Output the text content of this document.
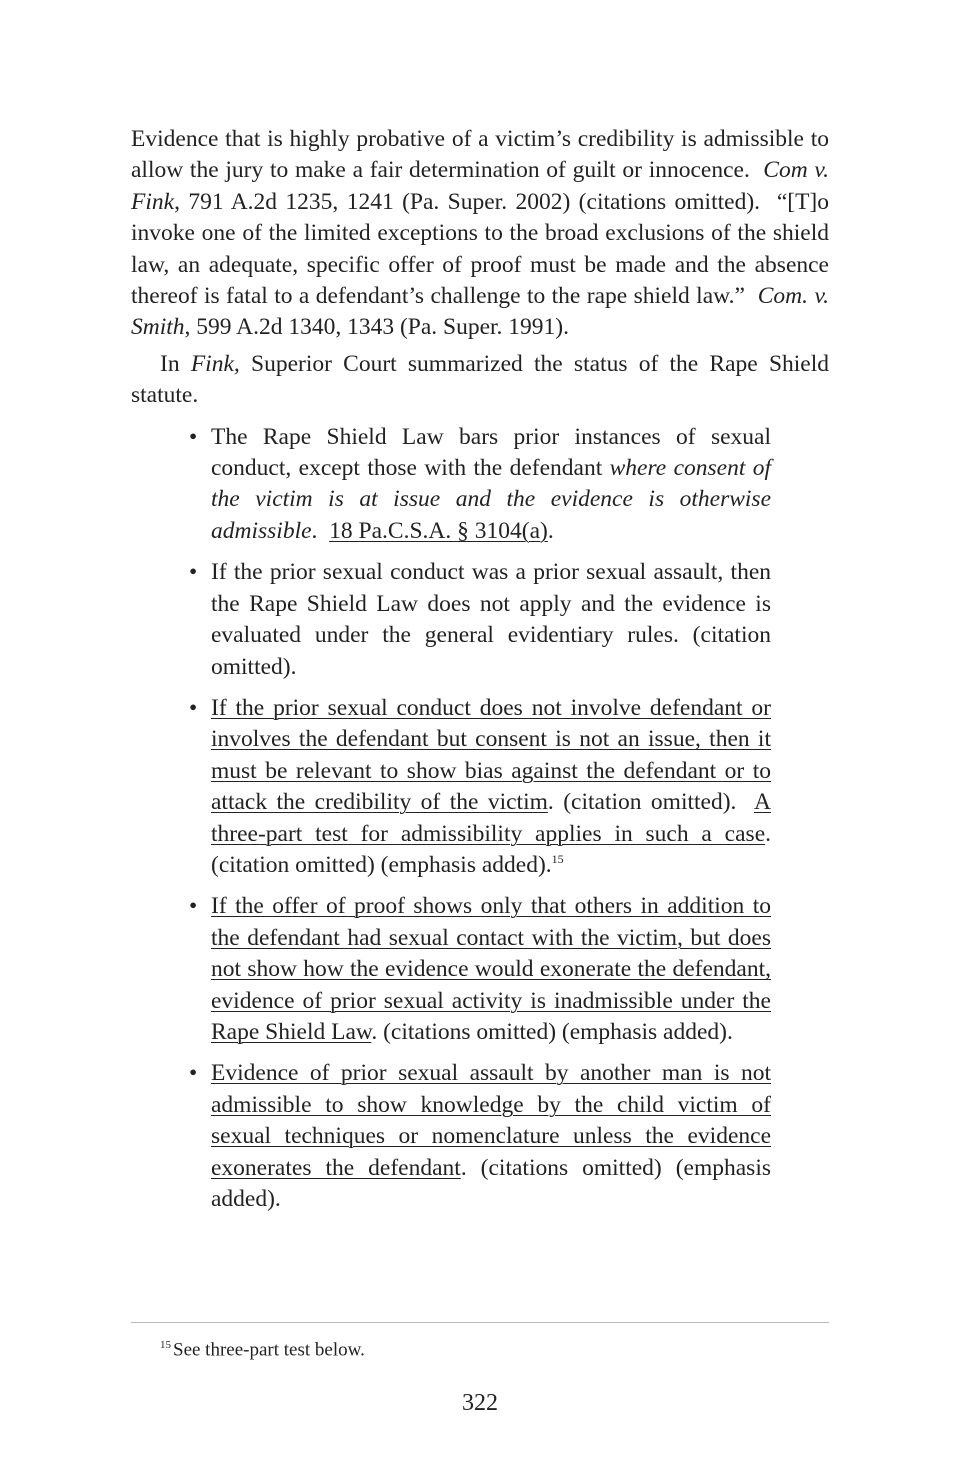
Evidence that is highly probative of a victim’s credibility is admissible to allow the jury to make a fair determination of guilt or innocence. Com v. Fink, 791 A.2d 1235, 1241 (Pa. Super. 2002) (citations omitted). “[T]o invoke one of the limited exceptions to the broad exclusions of the shield law, an adequate, specific offer of proof must be made and the absence thereof is fatal to a defendant’s challenge to the rape shield law.” Com. v. Smith, 599 A.2d 1340, 1343 (Pa. Super. 1991).

In Fink, Superior Court summarized the status of the Rape Shield statute.

• The Rape Shield Law bars prior instances of sexual conduct, except those with the defendant where consent of the victim is at issue and the evidence is otherwise admissible.  18 Pa.C.S.A. § 3104(a).
• If the prior sexual conduct was a prior sexual assault, then the Rape Shield Law does not apply and the evidence is evaluated under the general evidentiary rules. (citation omitted).
• If the prior sexual conduct does not involve defendant or involves the defendant but consent is not an issue, then it must be relevant to show bias against the defendant or to attack the credibility of the victim. (citation omitted). A three-part test for admissibility applies in such a case. (citation omitted) (emphasis added).$^{15}$
• If the offer of proof shows only that others in addition to the defendant had sexual contact with the victim, but does not show how the evidence would exonerate the defendant, evidence of prior sexual activity is inadmissible under the Rape Shield Law. (citations omitted) (emphasis added).
• Evidence of prior sexual assault by another man is not admissible to show knowledge by the child victim of sexual techniques or nomenclature unless the evidence exonerates the defendant. (citations omitted) (emphasis added).
$^{15}$ See three-part test below.
322
